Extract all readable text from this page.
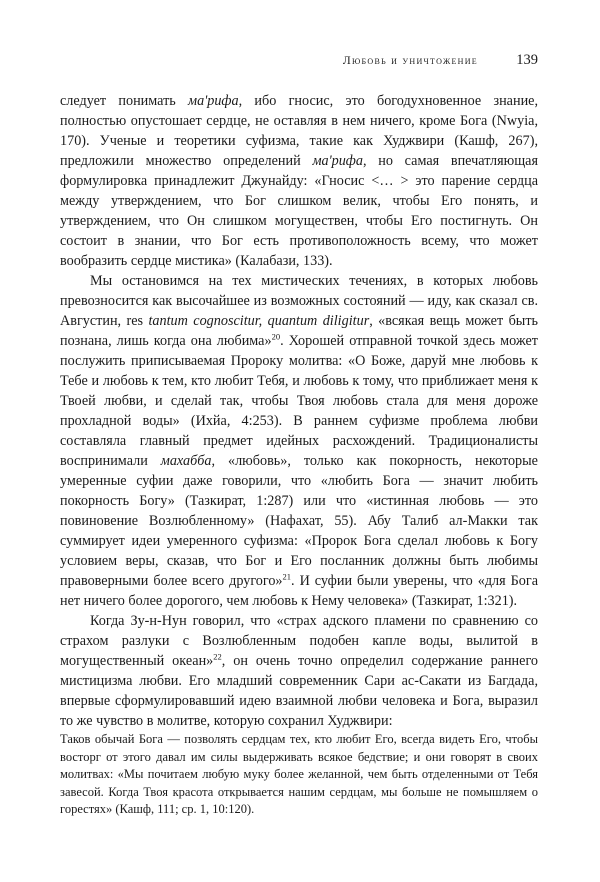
Любовь и уничтожение	139

следует понимать ма'рифа, ибо гносис, это богодухновенное знание, полностью опустошает сердце, не оставляя в нем ничего, кроме Бога (Nwyia, 170). Ученые и теоретики суфизма, такие как Худжвири (Кашф, 267), предложили множество определений ма'рифа, но самая впечатляющая формулировка принадлежит Джунайду: «Гносис <… > это парение сердца между утверждением, что Бог слишком велик, чтобы Его понять, и утверждением, что Он слишком могуществен, чтобы Его постигнуть. Он состоит в знании, что Бог есть противоположность всему, что может вообразить сердце мистика» (Калабази, 133).

Мы остановимся на тех мистических течениях, в которых любовь превозносится как высочайшее из возможных состояний — иду, как сказал св. Августин, res tantum cognoscitur, quantum diligitur, «всякая вещь может быть познана, лишь когда она любима»$^{20}$. Хорошей отправной точкой здесь может послужить приписываемая Пророку молитва: «О Боже, даруй мне любовь к Тебе и любовь к тем, кто любит Тебя, и любовь к тому, что приближает меня к Твоей любви, и сделай так, чтобы Твоя любовь стала для меня дороже прохладной воды» (Ихйа, 4:253). В раннем суфизме проблема любви составляла главный предмет идейных расхождений. Традиционалисты воспринимали махабба, «любовь», только как покорность, некоторые умеренные суфии даже говорили, что «любить Бога — значит любить покорность Богу» (Тазкират, 1:287) или что «истинная любовь — это повиновение Возлюбленному» (Нафахат, 55). Абу Талиб ал-Макки так суммирует идеи умеренного суфизма: «Пророк Бога сделал любовь к Богу условием веры, сказав, что Бог и Его посланник должны быть любимы правоверными более всего другого»$^{21}$. И суфии были уверены, что «для Бога нет ничего более дорогого, чем любовь к Нему человека» (Тазкират, 1:321).

Когда Зу-н-Нун говорил, что «страх адского пламени по сравнению со страхом разлуки с Возлюбленным подобен капле воды, вылитой в могущественный океан»$^{22}$, он очень точно определил содержание раннего мистицизма любви. Его младший современник Сари ас-Сакати из Багдада, впервые сформулировавший идею взаимной любви человека и Бога, выразил то же чувство в молитве, которую сохранил Худжвири:

Таков обычай Бога — позволять сердцам тех, кто любит Его, всегда видеть Его, чтобы восторг от этого давал им силы выдерживать всякое бедствие; и они говорят в своих молитвах: «Мы почитаем любую муку более желанной, чем быть отделенными от Тебя завесой. Когда Твоя красота открывается нашим сердцам, мы больше не помышляем о горестях» (Кашф, 111; ср. 1, 10:120).
